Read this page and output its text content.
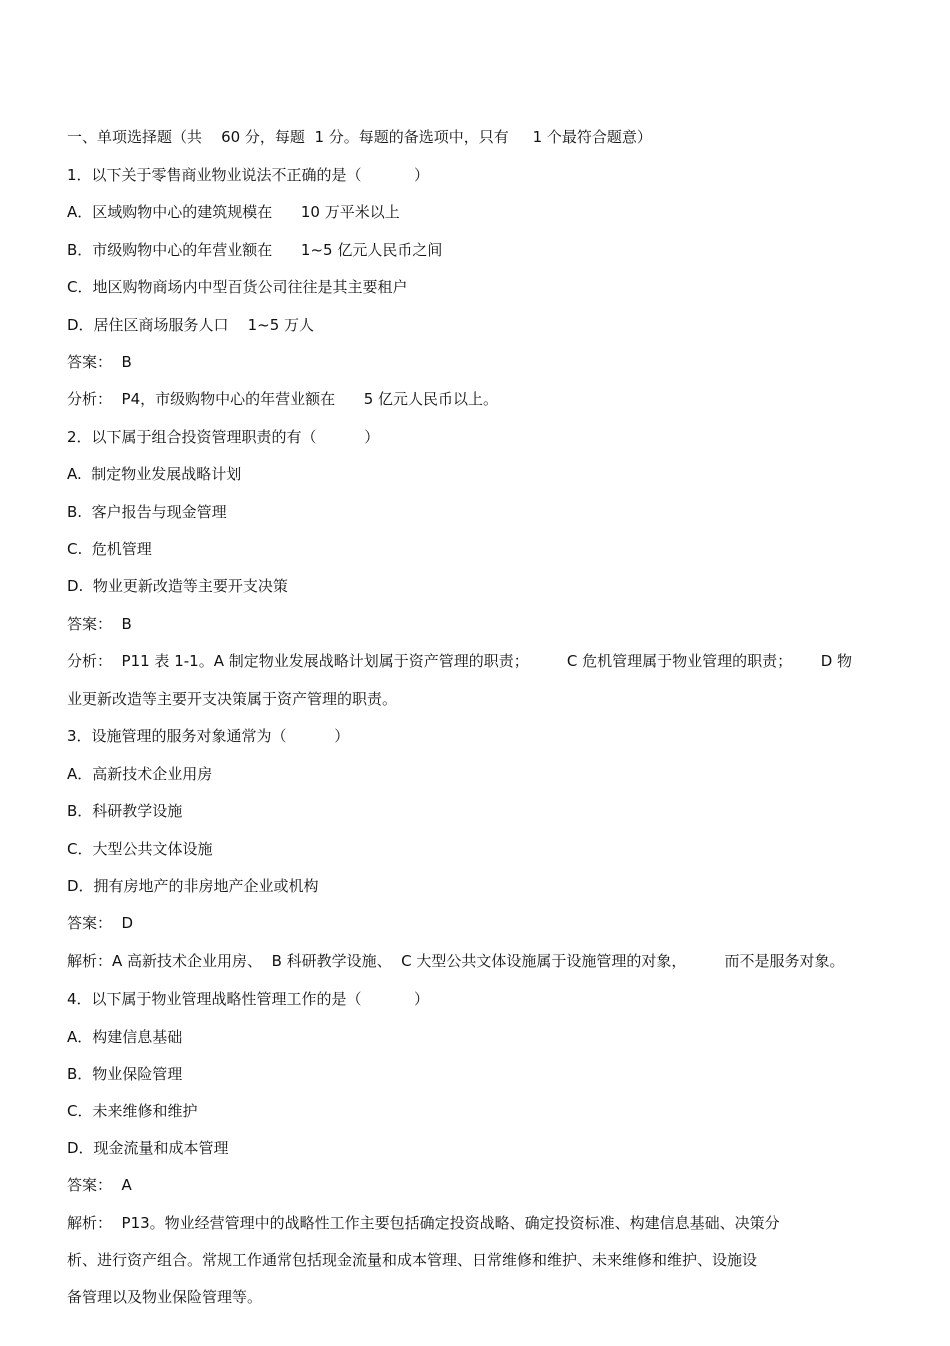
一、单项选择题（共    60 分，每题  1 分。每题的备选项中，只有     1 个最符合题意）
1．以下关于零售商业物业说法不正确的是（           ）
A．区域购物中心的建筑规模在      10 万平米以上
B．市级购物中心的年营业额在      1~5 亿元人民币之间
C．地区购物商场内中型百货公司往往是其主要租户
D．居住区商场服务人口    1~5 万人
答案：  B
分析：  P4，市级购物中心的年营业额在      5 亿元人民币以上。
2．以下属于组合投资管理职责的有（          ）
A.  制定物业发展战略计划
B.  客户报告与现金管理
C.  危机管理
D.  物业更新改造等主要开支决策
答案：  B
分析：  P11 表 1-1。A 制定物业发展战略计划属于资产管理的职责；        C 危机管理属于物业管理的职责；      D 物
业更新改造等主要开支决策属于资产管理的职责。
3．设施管理的服务对象通常为（          ）
A．高新技术企业用房
B．科研教学设施
C．大型公共文体设施
D．拥有房地产的非房地产企业或机构
答案：  D
解析：A 高新技术企业用房、  B 科研教学设施、  C 大型公共文体设施属于设施管理的对象，        而不是服务对象。
4．以下属于物业管理战略性管理工作的是（           ）
A．构建信息基础
B．物业保险管理
C．未来维修和维护
D．现金流量和成本管理
答案：  A
解析：  P13。物业经营管理中的战略性工作主要包括确定投资战略、确定投资标准、构建信息基础、决策分
析、进行资产组合。常规工作通常包括现金流量和成本管理、日常维修和维护、未来维修和维护、设施设
备管理以及物业保险管理等。
